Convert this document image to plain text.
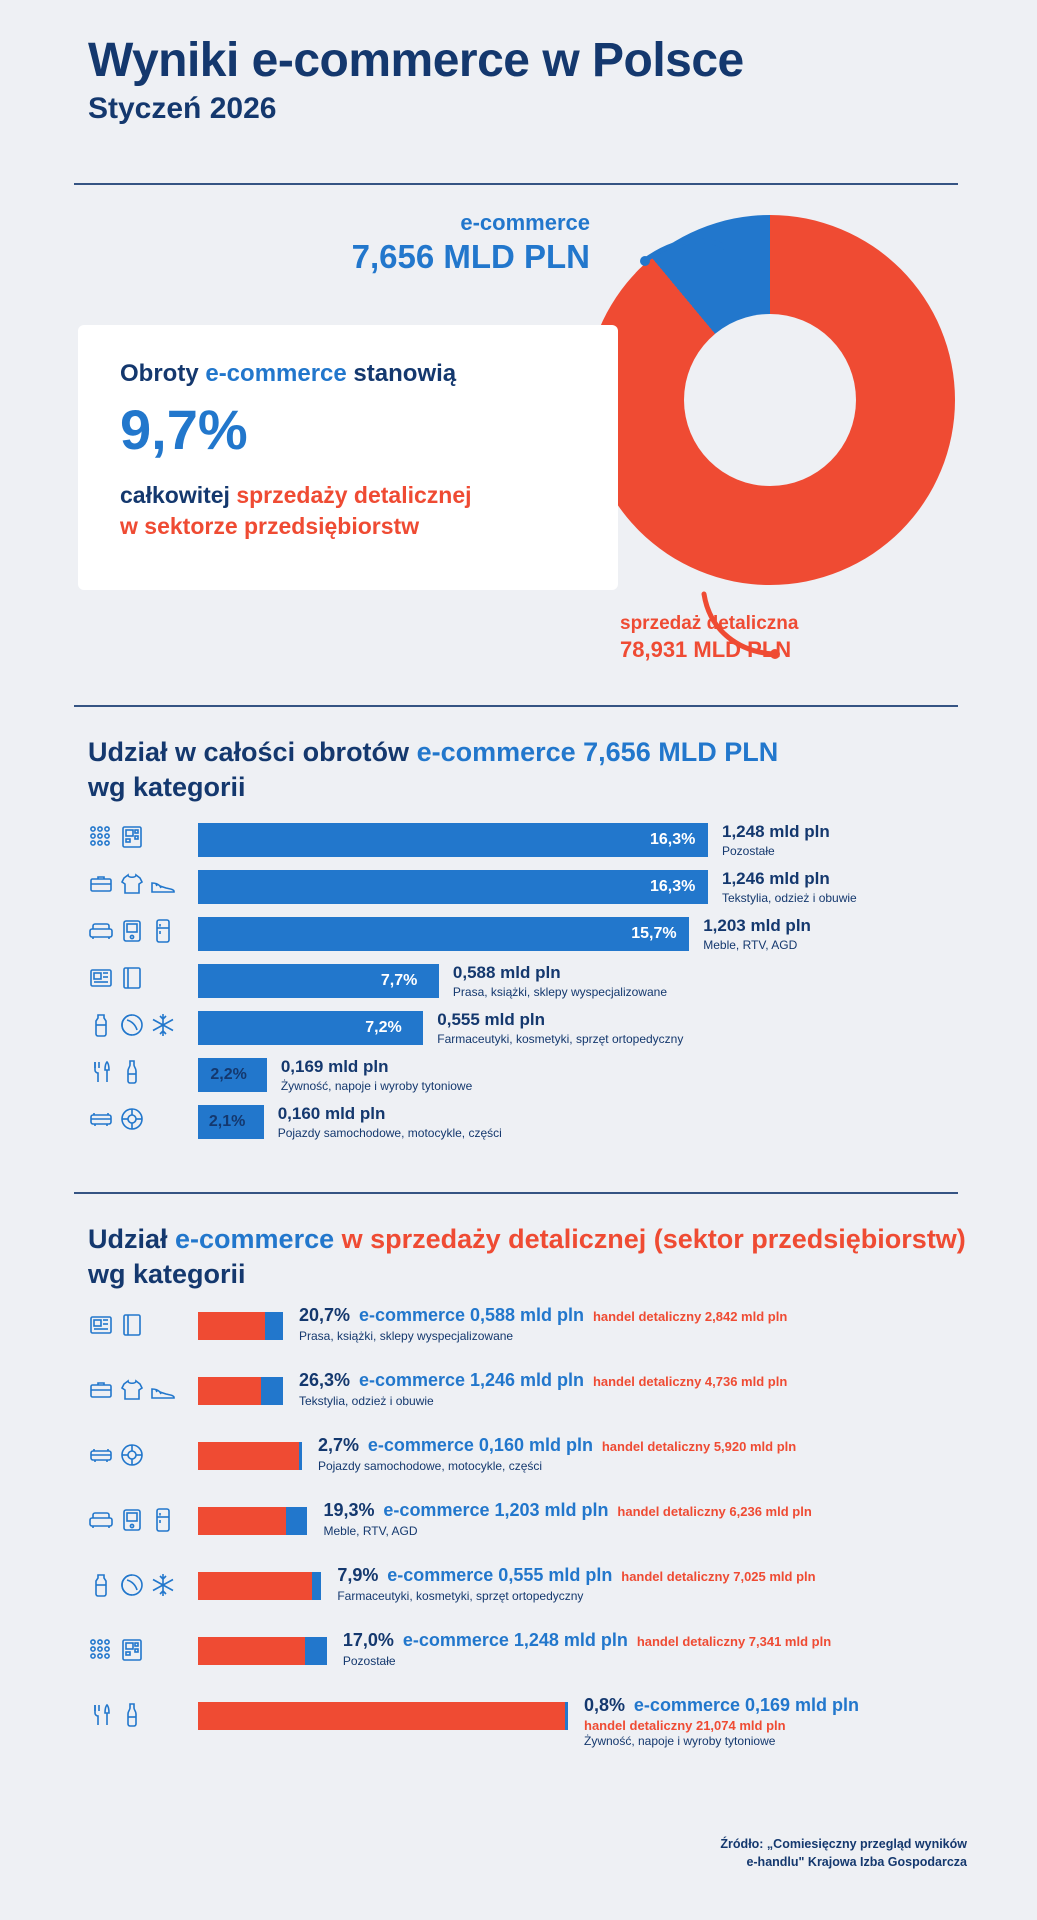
Wyniki e-commerce w Polsce
Styczeń 2026
e-commerce
7,656 MLD PLN
sprzedaż detaliczna
78,931 MLD PLN
Obroty e-commerce stanowią
9,7%
całkowitej sprzedaży detalicznej
w sektorze przedsiębiorstw
Udział w całości obrotów e-commerce 7,656 MLD PLN
wg kategorii
16,3% 1,248 mld pln
Pozostałe
16,3% 1,246 mld pln
Tekstylia, odzież i obuwie
15,7% 1,203 mld pln
Meble, RTV, AGD
7,7% 0,588 mld pln
Prasa, książki, sklepy wyspecjalizowane
7,2% 0,555 mld pln
Farmaceutyki, kosmetyki, sprzęt ortopedyczny
2,2% 0,169 mld pln
Żywność, napoje i wyroby tytoniowe
2,1% 0,160 mld pln
Pojazdy samochodowe, motocykle, części
Udział e-commerce w sprzedaży detalicznej (sektor przedsiębiorstw) wg kategorii
20,7% e-commerce 0,588 mld pln handel detaliczny 2,842 mld pln
Prasa, książki, sklepy wyspecjalizowane
26,3% e-commerce 1,246 mld pln handel detaliczny 4,736 mld pln
Tekstylia, odzież i obuwie
2,7% e-commerce 0,160 mld pln handel detaliczny 5,920 mld pln
Pojazdy samochodowe, motocykle, części
19,3% e-commerce 1,203 mld pln handel detaliczny 6,236 mld pln
Meble, RTV, AGD
7,9% e-commerce 0,555 mld pln handel detaliczny 7,025 mld pln
Farmaceutyki, kosmetyki, sprzęt ortopedyczny
17,0% e-commerce 1,248 mld pln handel detaliczny 7,341 mld pln
Pozostałe
0,8% e-commerce 0,169 mld pln
handel detaliczny 21,074 mld pln
Żywność, napoje i wyroby tytoniowe
Źródło: „Comiesięczny przegląd wyników
e-handlu" Krajowa Izba Gospodarcza
